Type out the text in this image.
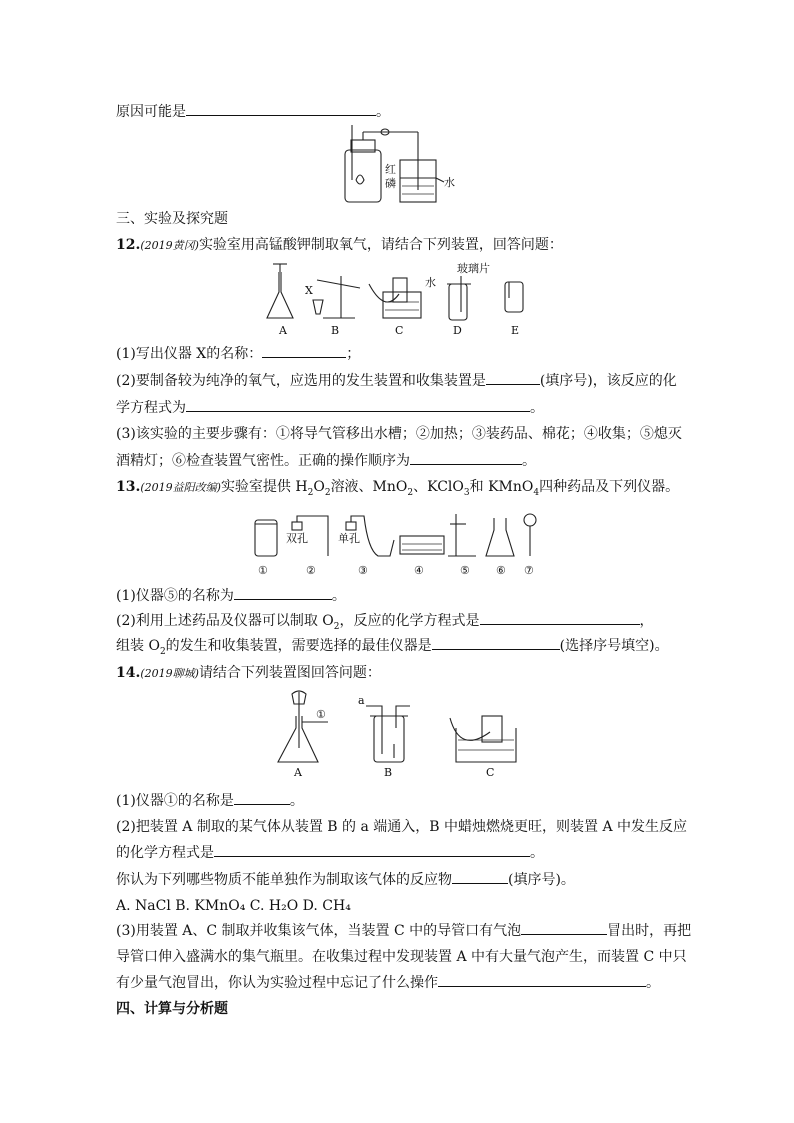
原因可能是	。
红
磷	水
三、实验及探究题
12.(2019黄冈)实验室用高锰酸钾制取氧气，请结合下列装置，回答问题：
X
水
玻璃片
A	B	C	D	E
(1)写出仪器 X的名称：	；
(2)要制备较为纯净的氧气，应选用的发生装置和收集装置是	(填序号)，该反应的化
学方程式为	。
(3)该实验的主要步骤有：①将导气管移出水槽；②加热；③装药品、棉花；④收集；⑤熄灭
酒精灯；⑥检查装置气密性。正确的操作顺序为	。
13.(2019益阳改编)实验室提供 $H_2O_2$溶液、MnO$_2$、KClO$_3$和 KMnO$_4$四种药品及下列仪器。
双孔	单孔
①	②	③	④	⑤ ⑥ ⑦
(1)仪器⑤的名称为	。
(2)利用上述药品及仪器可以制取 $O_2$，反应的化学方程式是	，
组装 $O_2$的发生和收集装置，需要选择的最佳仪器是	(选择序号填空)。
14.(2019聊城)请结合下列装置图回答问题：
①
a
A	B	C
(1)仪器①的名称是	。
(2)把装置 A 制取的某气体从装置 B 的 a 端通入，B 中蜡烛燃烧更旺，则装置 A 中发生反应
的化学方程式是	。
你认为下列哪些物质不能单独作为制取该气体的反应物	(填序号)。
A. NaCl B. KMnO₄ C. H₂O D. CH₄
(3)用装置 A、C 制取并收集该气体，当装置 C 中的导管口有气泡	冒出时，再把
导管口伸入盛满水的集气瓶里。在收集过程中发现装置 A 中有大量气泡产生，而装置 C 中只
有少量气泡冒出，你认为实验过程中忘记了什么操作	。
四、计算与分析题
